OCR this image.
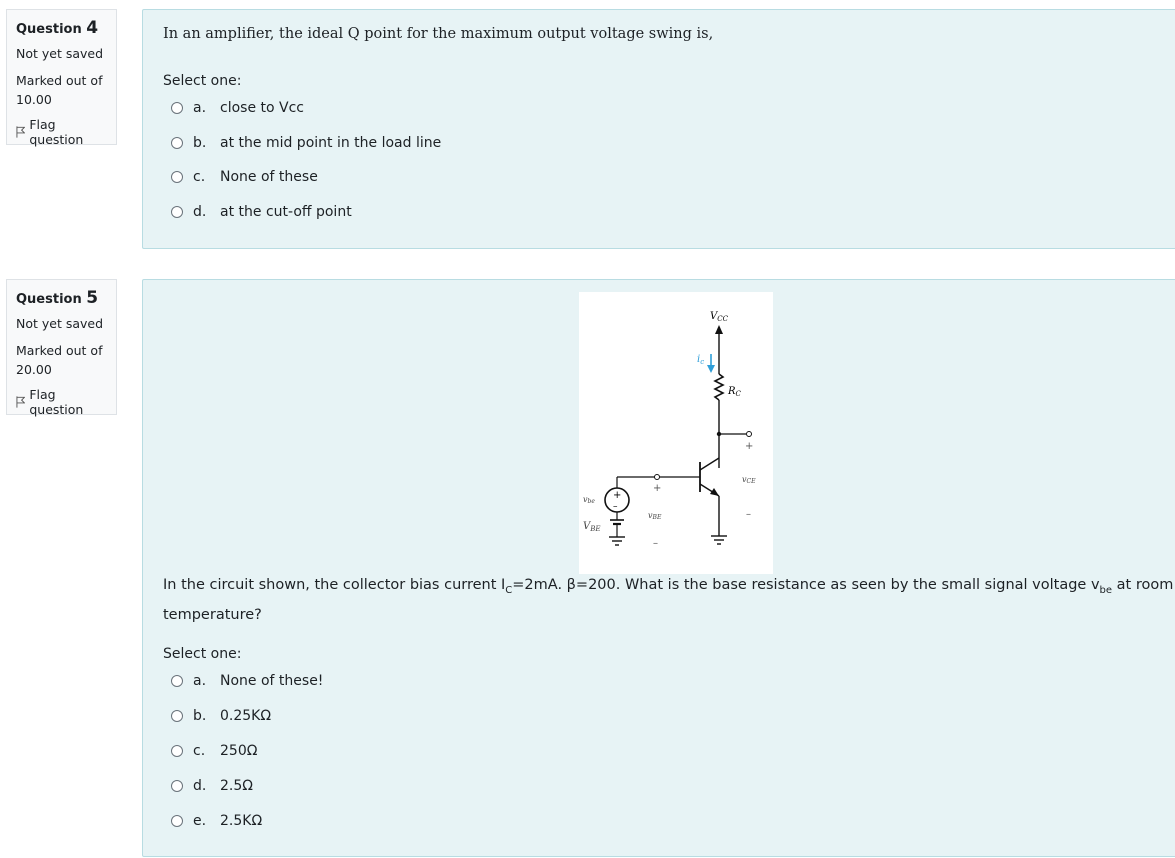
Question 4
Not yet saved
Marked out of 10.00
Flag question
In an amplifier, the ideal Q point for the maximum output voltage swing is,
Select one:
a. close to Vcc
b. at the mid point in the load line
c.	None of these
d. at the cut-off point
Question 5
Not yet saved
Marked out of 20.00
Flag question
$V_{CC}$
$i_c$
$R_C$
+
vCE
–
+
vBE
–
+
–
vbe
$V_{BE}$
In the circuit shown, the collector bias current $I_C=2mA$. β=200. What is the base resistance as seen by the small signal voltage $v_{be}$ at room
temperature?
Select one:
a. None of these!
b. 0.25KΩ
c.	250Ω
d. 2.5Ω
e. 2.5KΩ
